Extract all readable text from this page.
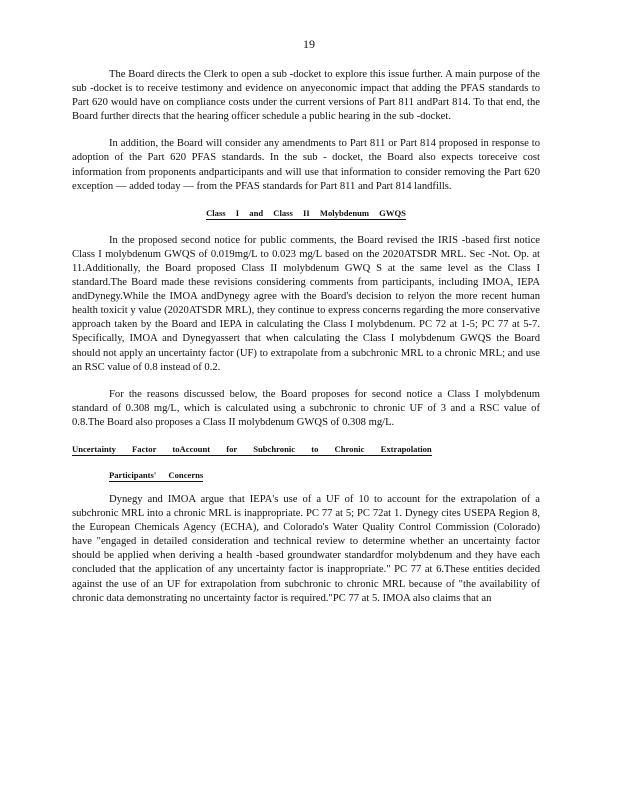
19

The Board directs the Clerk to open a sub -docket to explore this issue further. A main purpose of the sub -docket is to receive testimony and evidence on anyeconomic impact that adding the PFAS standards to Part 620 would have on compliance costs under the current versions of Part 811 andPart 814. To that end, the Board further directs that the hearing officer schedule a public hearing in the sub -docket.

In addition, the Board will consider any amendments to Part 811 or Part 814 proposed in response to adoption of the Part 620 PFAS standards. In the sub - docket, the Board also expects toreceive cost information from proponents andparticipants and will use that information to consider removing the Part 620 exception — added today — from the PFAS standards for Part 811 and Part 814 landfills.

Class I and Class II Molybdenum GWQS

In the proposed second notice for public comments, the Board revised the IRIS -based first notice Class I molybdenum GWQS of 0.019mg/L to 0.023 mg/L based on the 2020ATSDR MRL. Sec -Not. Op. at 11.Additionally, the Board proposed Class II molybdenum GWQ S at the same level as the Class I standard.The Board made these revisions considering comments from participants, including IMOA, IEPA andDynegy.While the IMOA andDynegy agree with the Board's decision to relyon the more recent human health toxicit y value (2020ATSDR MRL), they continue to express concerns regarding the more conservative approach taken by the Board and IEPA in calculating the Class I molybdenum. PC 72 at 1-5; PC 77 at 5-7. Specifically, IMOA and Dynegyassert that when calculating the Class I molybdenum GWQS the Board should not apply an uncertainty factor (UF) to extrapolate from a subchronic MRL to a chronic MRL; and use an RSC value of 0.8 instead of 0.2.

For the reasons discussed below, the Board proposes for second notice a Class I molybdenum standard of 0.308 mg/L, which is calculated using a subchronic to chronic UF of 3 and a RSC value of 0.8.The Board also proposes a Class II molybdenum GWQS of 0.308 mg/L.

Uncertainty Factor toAccount for Subchronic to Chronic Extrapolation
Participants' Concerns

Dynegy and IMOA argue that IEPA's use of a UF of 10 to account for the extrapolation of a subchronic MRL into a chronic MRL is inappropriate. PC 77 at 5; PC 72at 1. Dynegy cites USEPA Region 8, the European Chemicals Agency (ECHA), and Colorado's Water Quality Control Commission (Colorado) have "engaged in detailed consideration and technical review to determine whether an uncertainty factor should be applied when deriving a health -based groundwater standardfor molybdenum and they have each concluded that the application of any uncertainty factor is inappropriate." PC 77 at 6.These entities decided against the use of an UF for extrapolation from subchronic to chronic MRL because of "the availability of chronic data demonstrating no uncertainty factor is required."PC 77 at 5. IMOA also claims that an
